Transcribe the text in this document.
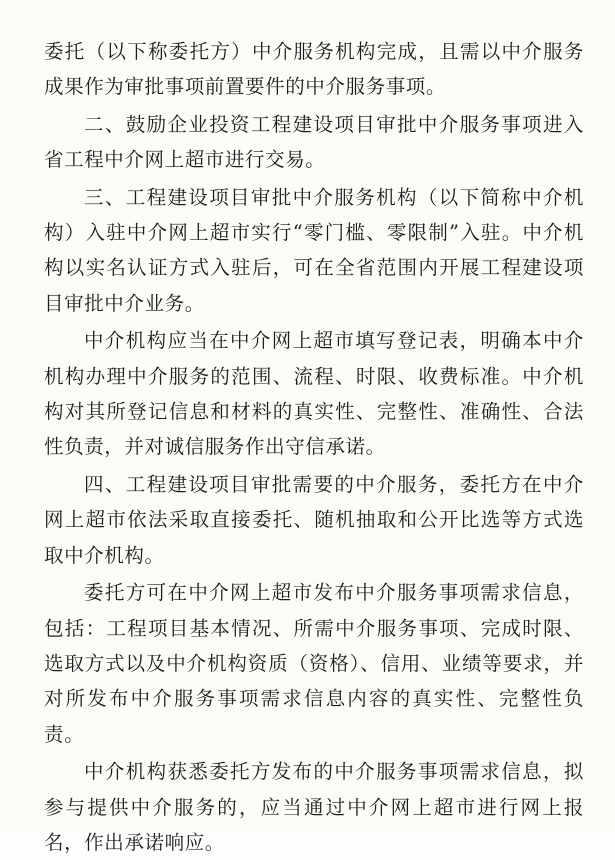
委托（以下称委托方）中介服务机构完成，且需以中介服务成果作为审批事项前置要件的中介服务事项。

二、鼓励企业投资工程建设项目审批中介服务事项进入省工程中介网上超市进行交易。

三、工程建设项目审批中介服务机构（以下简称中介机构）入驻中介网上超市实行“零门槛、零限制”入驻。中介机构以实名认证方式入驻后，可在全省范围内开展工程建设项目审批中介业务。

中介机构应当在中介网上超市填写登记表，明确本中介机构办理中介服务的范围、流程、时限、收费标准。中介机构对其所登记信息和材料的真实性、完整性、准确性、合法性负责，并对诚信服务作出守信承诺。

四、工程建设项目审批需要的中介服务，委托方在中介网上超市依法采取直接委托、随机抽取和公开比选等方式选取中介机构。

委托方可在中介网上超市发布中介服务事项需求信息，包括：工程项目基本情况、所需中介服务事项、完成时限、选取方式以及中介机构资质（资格）、信用、业绩等要求，并对所发布中介服务事项需求信息内容的真实性、完整性负责。

中介机构获悉委托方发布的中介服务事项需求信息，拟参与提供中介服务的，应当通过中介网上超市进行网上报名，作出承诺响应。
